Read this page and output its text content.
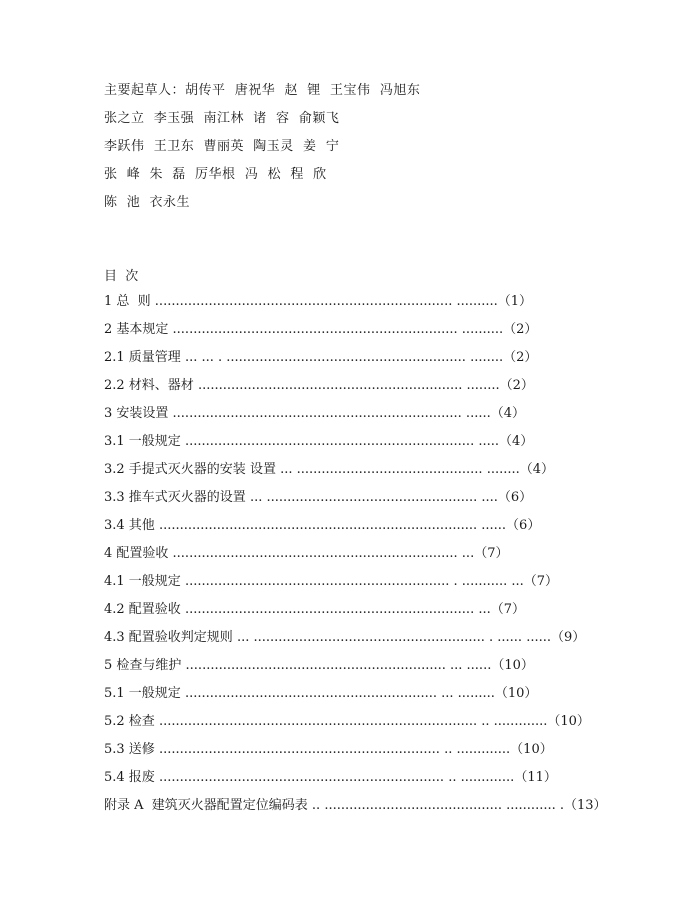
主要起草人：胡传平  唐祝华  赵  锂  王宝伟  冯旭东
张之立  李玉强  南江林  诸  容  俞颖飞
李跃伟  王卫东  曹丽英  陶玉灵  姜  宁
张  峰  朱  磊  厉华根  冯  松  程  欣
陈  池  衣永生
目  次
1 总  则 ........................................................................ ..........（1）
2 基本规定 ..................................................................... ..........（2）
2.1 质量管理 ... ... . .......................................................... ........（2）
2.2 材料、器材 ................................................................ ........（2）
3 安装设置 ...................................................................... ......（4）
3.1 一般规定 ...................................................................... .....（4）
3.2 手提式灭火器的安装 设置 ... ............................................. ........（4）
3.3 推车式灭火器的设置 ... ................................................... ....（6）
3.4 其他 ............................................................................. ......（6）
4 配置验收 ..................................................................... ...（7）
4.1 一般规定 ................................................................ . ........... ...（7）
4.2 配置验收 ...................................................................... ...（7）
4.3 配置验收判定规则 ... ........................................................ . ...... ......（9）
5 检查与维护 ............................................................... ... ......（10）
5.1 一般规定 ............................................................. ... .........（10）
5.2 检查 ............................................................................. .. .............（10）
5.3 送修 .................................................................... .. .............（10）
5.4 报废 ..................................................................... .. .............（11）
附录 A  建筑灭火器配置定位编码表 .. ........................................... ............ .（13）
